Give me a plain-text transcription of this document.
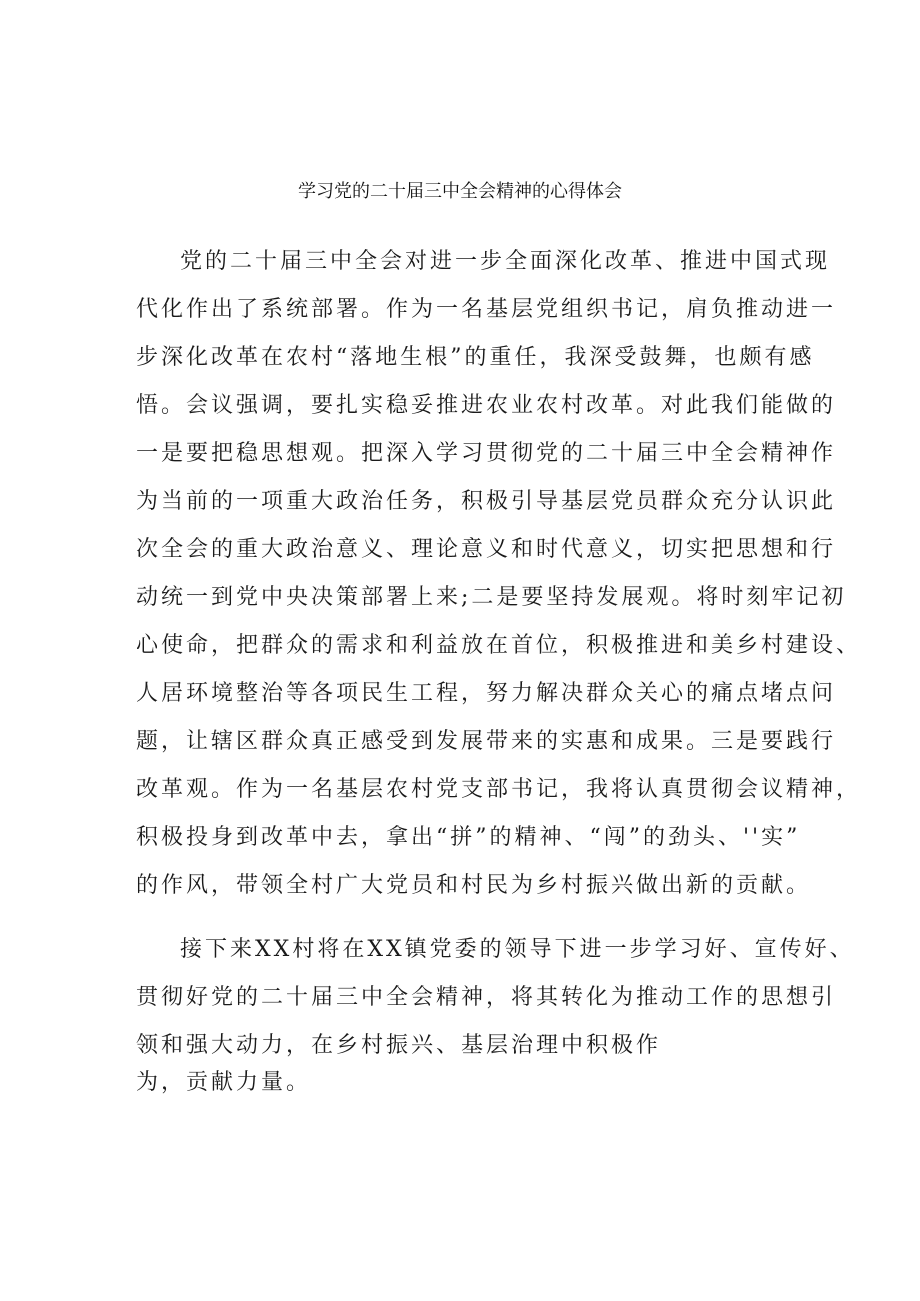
学习党的二十届三中全会精神的心得体会
党的二十届三中全会对进一步全面深化改革、推进中国式现
代化作出了系统部署。作为一名基层党组织书记，肩负推动进一
步深化改革在农村“落地生根”的重任，我深受鼓舞，也颇有感
悟。会议强调，要扎实稳妥推进农业农村改革。对此我们能做的
一是要把稳思想观。把深入学习贯彻党的二十届三中全会精神作
为当前的一项重大政治任务，积极引导基层党员群众充分认识此
次全会的重大政治意义、理论意义和时代意义，切实把思想和行
动统一到党中央决策部署上来;二是要坚持发展观。将时刻牢记初
心使命，把群众的需求和利益放在首位，积极推进和美乡村建设、
人居环境整治等各项民生工程，努力解决群众关心的痛点堵点问
题，让辖区群众真正感受到发展带来的实惠和成果。三是要践行
改革观。作为一名基层农村党支部书记，我将认真贯彻会议精神，
积极投身到改革中去，拿出“拼”的精神、“闯”的劲头、''实”
的作风，带领全村广大党员和村民为乡村振兴做出新的贡献。
接下来XX村将在XX镇党委的领导下进一步学习好、宣传好、
贯彻好党的二十届三中全会精神，将其转化为推动工作的思想引
领和强大动力，在乡村振兴、基层治理中积极作
为，贡献力量。
